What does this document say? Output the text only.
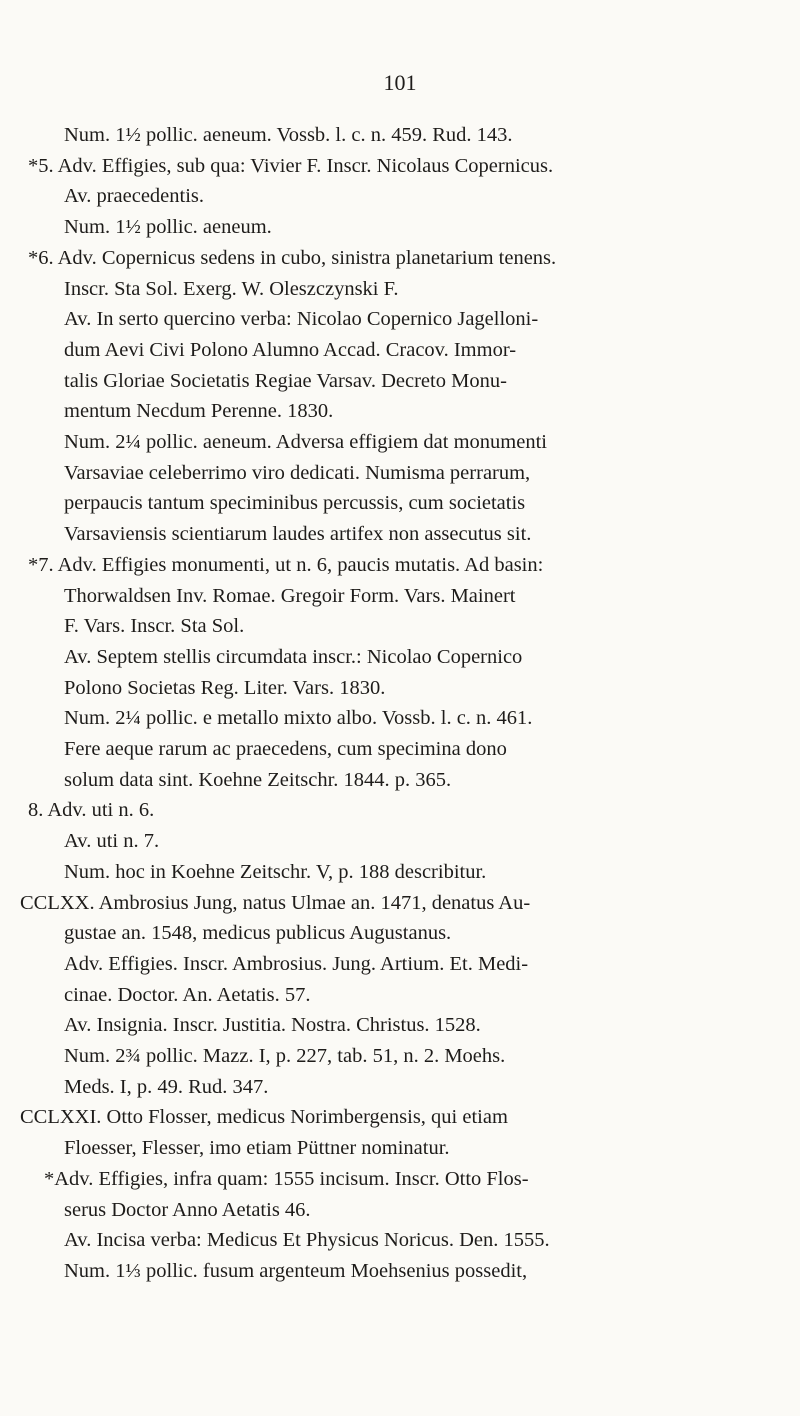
101
Num. 1½ pollic. aeneum. Vossb. l. c. n. 459. Rud. 143.
*5. Adv. Effigies, sub qua: Vivier F. Inscr. Nicolaus Copernicus.
Av. praecedentis.
Num. 1½ pollic. aeneum.
*6. Adv. Copernicus sedens in cubo, sinistra planetarium tenens.
Inscr. Sta Sol. Exerg. W. Oleszczynski F.
Av. In serto quercino verba: Nicolao Copernico Jagelloni-
dum Aevi Civi Polono Alumno Accad. Cracov. Immor-
talis Gloriae Societatis Regiae Varsav. Decreto Monu-
mentum Necdum Perenne. 1830.
Num. 2¼ pollic. aeneum. Adversa effigiem dat monumenti
Varsaviae celeberrimo viro dedicati. Numisma perrarum,
perpaucis tantum speciminibus percussis, cum societatis
Varsaviensis scientiarum laudes artifex non assecutus sit.
*7. Adv. Effigies monumenti, ut n. 6, paucis mutatis. Ad basin:
Thorwaldsen Inv. Romae. Gregoir Form. Vars. Mainert
F. Vars. Inscr. Sta Sol.
Av. Septem stellis circumdata inscr.: Nicolao Copernico
Polono Societas Reg. Liter. Vars. 1830.
Num. 2¼ pollic. e metallo mixto albo. Vossb. l. c. n. 461.
Fere aeque rarum ac praecedens, cum specimina dono
solum data sint. Koehne Zeitschr. 1844. p. 365.
8. Adv. uti n. 6.
Av. uti n. 7.
Num. hoc in Koehne Zeitschr. V, p. 188 describitur.
CCLXX. Ambrosius Jung, natus Ulmae an. 1471, denatus Au-
gustae an. 1548, medicus publicus Augustanus.
Adv. Effigies. Inscr. Ambrosius. Jung. Artium. Et. Medi-
cinae. Doctor. An. Aetatis. 57.
Av. Insignia. Inscr. Justitia. Nostra. Christus. 1528.
Num. 2¾ pollic. Mazz. I, p. 227, tab. 51, n. 2. Moehs.
Meds. I, p. 49. Rud. 347.
CCLXXI. Otto Flosser, medicus Norimbergensis, qui etiam
Floesser, Flesser, imo etiam Püttner nominatur.
*Adv. Effigies, infra quam: 1555 incisum. Inscr. Otto Flos-
serus Doctor Anno Aetatis 46.
Av. Incisa verba: Medicus Et Physicus Noricus. Den. 1555.
Num. 1⅓ pollic. fusum argenteum Moehsenius possedit,
